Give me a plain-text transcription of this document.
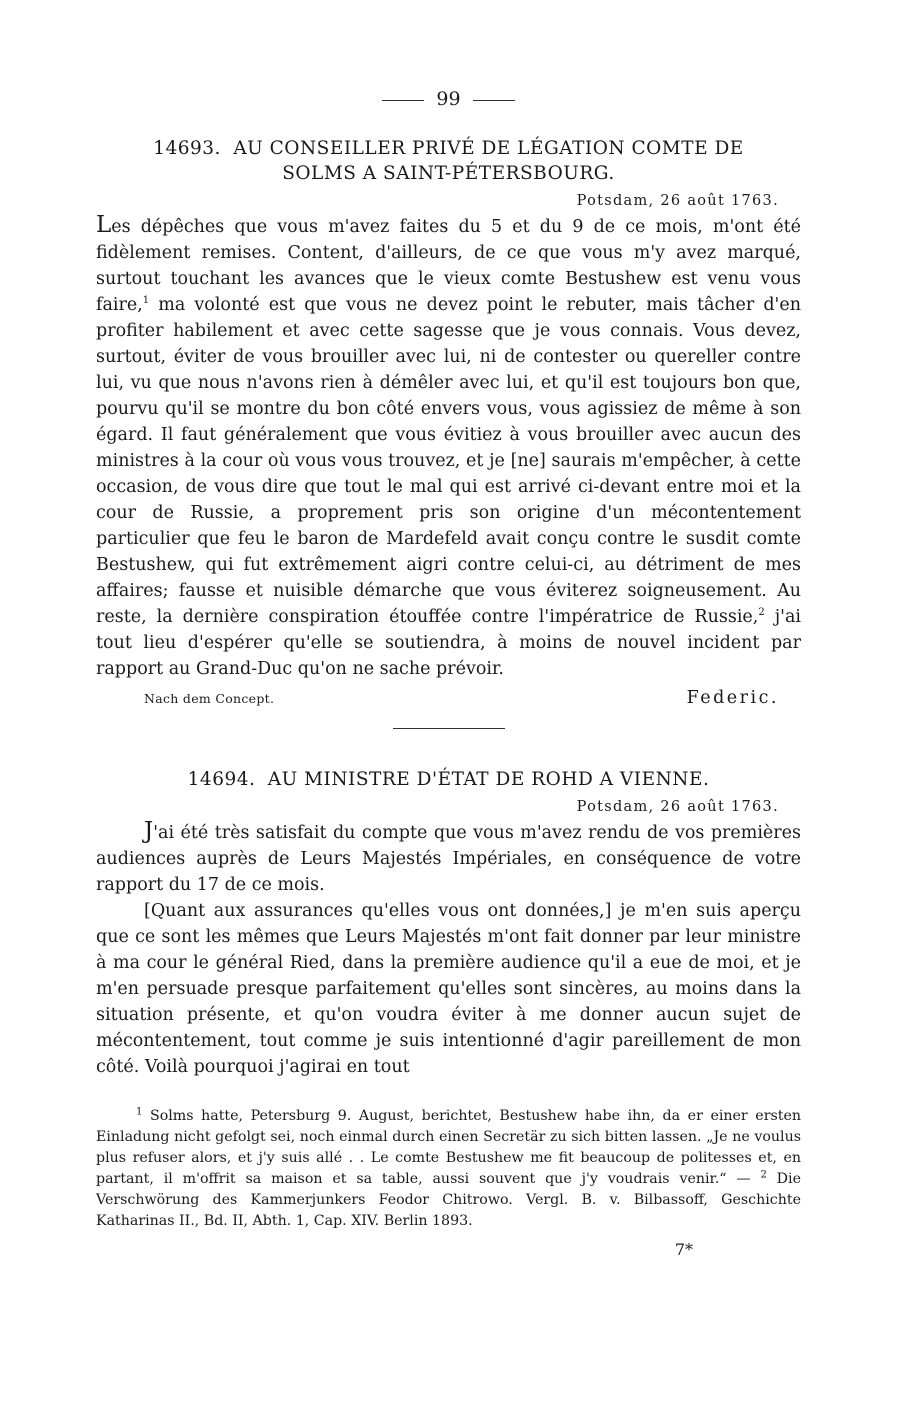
99
14693. AU CONSEILLER PRIVÉ DE LÉGATION COMTE DE
SOLMS A SAINT-PÉTERSBOURG.
Potsdam, 26 août 1763.

Les dépêches que vous m'avez faites du 5 et du 9 de ce mois, m'ont été fidèlement remises. Content, d'ailleurs, de ce que vous m'y avez marqué, surtout touchant les avances que le vieux comte Bestushew est venu vous faire,$^1$ ma volonté est que vous ne devez point le rebuter, mais tâcher d'en profiter habilement et avec cette sagesse que je vous connais. Vous devez, surtout, éviter de vous brouiller avec lui, ni de contester ou quereller contre lui, vu que nous n'avons rien à démêler avec lui, et qu'il est toujours bon que, pourvu qu'il se montre du bon côté envers vous, vous agissiez de même à son égard. Il faut généralement que vous évitiez à vous brouiller avec aucun des ministres à la cour où vous vous trouvez, et je [ne] saurais m'empêcher, à cette occasion, de vous dire que tout le mal qui est arrivé ci-devant entre moi et la cour de Russie, a proprement pris son origine d'un mécontentement particulier que feu le baron de Mardefeld avait conçu contre le susdit comte Bestushew, qui fut extrêmement aigri contre celui-ci, au détriment de mes affaires; fausse et nuisible démarche que vous éviterez soigneusement. Au reste, la dernière conspiration étouffée contre l'impératrice de Russie,$^2$ j'ai tout lieu d'espérer qu'elle se soutiendra, à moins de nouvel incident par rapport au Grand-Duc qu'on ne sache prévoir.

Nach dem Concept.	Federic.
14694. AU MINISTRE D'ÉTAT DE ROHD A VIENNE.
Potsdam, 26 août 1763.

J'ai été très satisfait du compte que vous m'avez rendu de vos premières audiences auprès de Leurs Majestés Impériales, en conséquence de votre rapport du 17 de ce mois.

[Quant aux assurances qu'elles vous ont données,] je m'en suis aperçu que ce sont les mêmes que Leurs Majestés m'ont fait donner par leur ministre à ma cour le général Ried, dans la première audience qu'il a eue de moi, et je m'en persuade presque parfaitement qu'elles sont sincères, au moins dans la situation présente, et qu'on voudra éviter à me donner aucun sujet de mécontentement, tout comme je suis intentionné d'agir pareillement de mon côté. Voilà pourquoi j'agirai en tout

$^1$ Solms hatte, Petersburg 9. August, berichtet, Bestushew habe ihn, da er einer ersten Einladung nicht gefolgt sei, noch einmal durch einen Secretär zu sich bitten lassen. „Je ne voulus plus refuser alors, et j'y suis allé . . Le comte Bestushew me fit beaucoup de politesses et, en partant, il m'offrit sa maison et sa table, aussi souvent que j'y voudrais venir.“ — $^2$ Die Verschwörung des Kammerjunkers Feodor Chitrowo. Vergl. B. v. Bilbassoff, Geschichte Katharinas II., Bd. II, Abth. 1, Cap. XIV. Berlin 1893.

7*
